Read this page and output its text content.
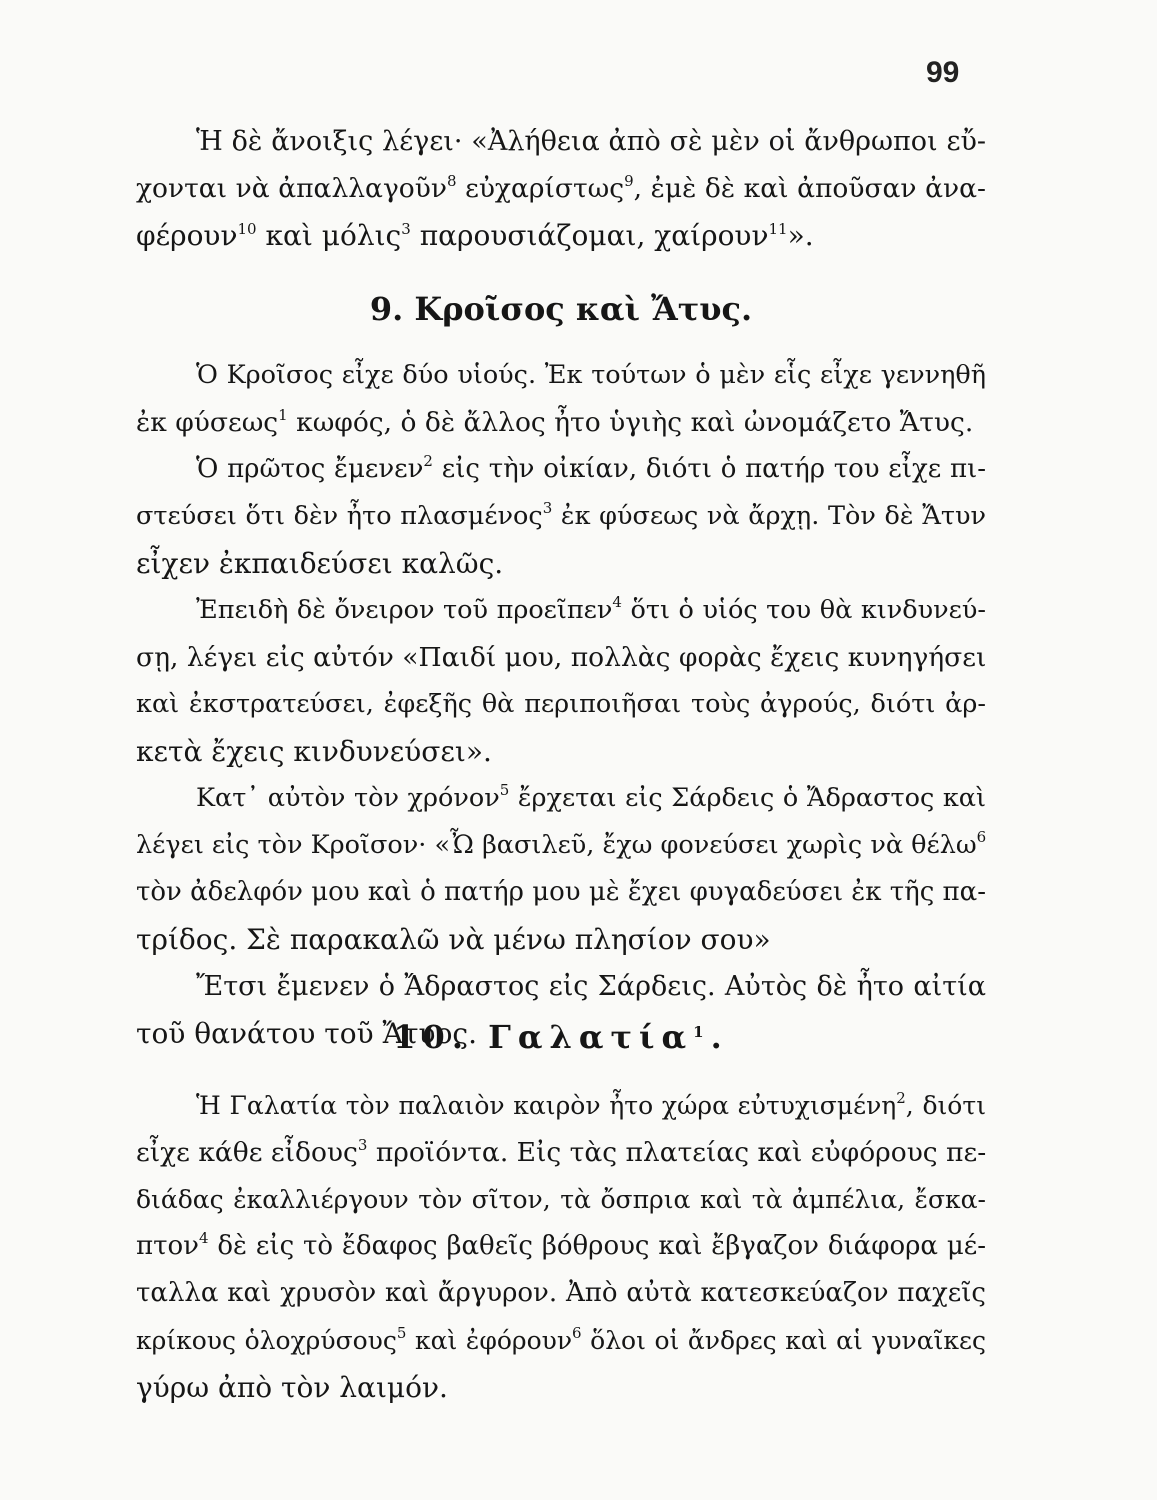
99
Ἡ δὲ ἄνοιξις λέγει· «Ἀλήθεια ἀπὸ σὲ μὲν οἱ ἄνθρωποι εὔ-
χονται νὰ ἀπαλλαγοῦν$^8$ εὐχαρίστως$^9$, ἐμὲ δὲ καὶ ἀποῦσαν ἀνα-
φέρουν$^{10}$ καὶ μόλις$^3$ παρουσιάζομαι, χαίρουν$^{11}$».
9. Κροῖσος καὶ Ἄτυς.
Ὁ Κροῖσος εἶχε δύο υἱούς. Ἐκ τούτων ὁ μὲν εἷς εἶχε γεννηθῆ
ἐκ φύσεως$^1$ κωφός, ὁ δὲ ἄλλος ἦτο ὑγιὴς καὶ ὠνομάζετο Ἄτυς.
Ὁ πρῶτος ἔμενεν$^2$ εἰς τὴν οἰκίαν, διότι ὁ πατήρ του εἶχε πι-
στεύσει ὅτι δὲν ἦτο πλασμένος$^3$ ἐκ φύσεως νὰ ἄρχῃ. Τὸν δὲ Ἄτυν
εἶχεν ἐκπαιδεύσει καλῶς.
Ἐπειδὴ δὲ ὄνειρον τοῦ προεῖπεν$^4$ ὅτι ὁ υἱός του θὰ κινδυνεύ-
σῃ, λέγει εἰς αὐτόν «Παιδί μου, πολλὰς φορὰς ἔχεις κυνηγήσει
καὶ ἐκστρατεύσει, ἐφεξῆς θὰ περιποιῆσαι τοὺς ἀγρούς, διότι ἀρ-
κετὰ ἔχεις κινδυνεύσει».
Κατ᾽ αὐτὸν τὸν χρόνον$^5$ ἔρχεται εἰς Σάρδεις ὁ Ἄδραστος καὶ
λέγει εἰς τὸν Κροῖσον· «Ὦ βασιλεῦ, ἔχω φονεύσει χωρὶς νὰ θέλω$^6$
τὸν ἀδελφόν μου καὶ ὁ πατήρ μου μὲ ἔχει φυγαδεύσει ἐκ τῆς πα-
τρίδος. Σὲ παρακαλῶ νὰ μένω πλησίον σου»
Ἔτσι ἔμενεν ὁ Ἄδραστος εἰς Σάρδεις. Αὐτὸς δὲ ἦτο αἰτία
τοῦ θανάτου τοῦ Ἄτυος.
10. Γαλατία$^1$.
Ἡ Γαλατία τὸν παλαιὸν καιρὸν ἦτο χώρα εὐτυχισμένη$^2$, διότι
εἶχε κάθε εἶδους$^3$ προϊόντα. Εἰς τὰς πλατείας καὶ εὐφόρους πε-
διάδας ἐκαλλιέργουν τὸν σῖτον, τὰ ὄσπρια καὶ τὰ ἀμπέλια, ἔσκα-
πτον$^4$ δὲ εἰς τὸ ἔδαφος βαθεῖς βόθρους καὶ ἔβγαζον διάφορα μέ-
ταλλα καὶ χρυσὸν καὶ ἄργυρον. Ἀπὸ αὐτὰ κατεσκεύαζον παχεῖς
κρίκους ὁλοχρύσους$^5$ καὶ ἐφόρουν$^6$ ὅλοι οἱ ἄνδρες καὶ αἱ γυναῖκες
γύρω ἀπὸ τὸν λαιμόν.
